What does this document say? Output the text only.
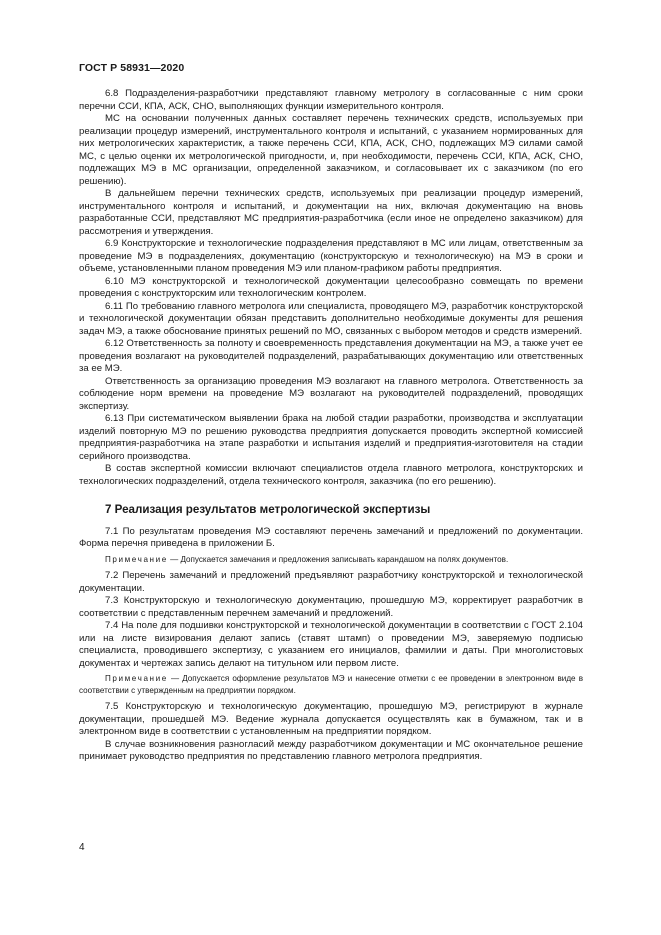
ГОСТ Р 58931—2020

6.8 Подразделения-разработчики представляют главному метрологу в согласованные с ним сроки перечни ССИ, КПА, АСК, СНО, выполняющих функции измерительного контроля.

МС на основании полученных данных составляет перечень технических средств, используемых при реализации процедур измерений, инструментального контроля и испытаний, с указанием нормированных для них метрологических характеристик, а также перечень ССИ, КПА, АСК, СНО, подлежащих МЭ силами самой МС, с целью оценки их метрологической пригодности, и, при необходимости, перечень ССИ, КПА, АСК, СНО, подлежащих МЭ в МС организации, определенной заказчиком, и согласовывает их с заказчиком (по его решению).

В дальнейшем перечни технических средств, используемых при реализации процедур измерений, инструментального контроля и испытаний, и документации на них, включая документацию на вновь разработанные ССИ, представляют МС предприятия-разработчика (если иное не определено заказчиком) для рассмотрения и утверждения.

6.9 Конструкторские и технологические подразделения представляют в МС или лицам, ответственным за проведение МЭ в подразделениях, документацию (конструкторскую и технологическую) на МЭ в сроки и объеме, установленными планом проведения МЭ или планом-графиком работы предприятия.

6.10 МЭ конструкторской и технологической документации целесообразно совмещать по времени проведения с конструкторским или технологическим контролем.

6.11 По требованию главного метролога или специалиста, проводящего МЭ, разработчик конструкторской и технологической документации обязан представить дополнительно необходимые документы для решения задач МЭ, а также обоснование принятых решений по МО, связанных с выбором методов и средств измерений.

6.12 Ответственность за полноту и своевременность представления документации на МЭ, а также учет ее проведения возлагают на руководителей подразделений, разрабатывающих документацию или ответственных за ее МЭ.

Ответственность за организацию проведения МЭ возлагают на главного метролога. Ответственность за соблюдение норм времени на проведение МЭ возлагают на руководителей подразделений, проводящих экспертизу.

6.13 При систематическом выявлении брака на любой стадии разработки, производства и эксплуатации изделий повторную МЭ по решению руководства предприятия допускается проводить экспертной комиссией предприятия-разработчика на этапе разработки и испытания изделий и предприятия-изготовителя на стадии серийного производства.

В состав экспертной комиссии включают специалистов отдела главного метролога, конструкторских и технологических подразделений, отдела технического контроля, заказчика (по его решению).

7 Реализация результатов метрологической экспертизы

7.1 По результатам проведения МЭ составляют перечень замечаний и предложений по документации. Форма перечня приведена в приложении Б.

Примечание — Допускается замечания и предложения записывать карандашом на полях документов.

7.2 Перечень замечаний и предложений предъявляют разработчику конструкторской и технологической документации.

7.3 Конструкторскую и технологическую документацию, прошедшую МЭ, корректирует разработчик в соответствии с представленным перечнем замечаний и предложений.

7.4 На поле для подшивки конструкторской и технологической документации в соответствии с ГОСТ 2.104 или на листе визирования делают запись (ставят штамп) о проведении МЭ, заверяемую подписью специалиста, проводившего экспертизу, с указанием его инициалов, фамилии и даты. При многолистовых документах и чертежах запись делают на титульном или первом листе.

Примечание — Допускается оформление результатов МЭ и нанесение отметки с ее проведении в электронном виде в соответствии с утвержденным на предприятии порядком.

7.5 Конструкторскую и технологическую документацию, прошедшую МЭ, регистрируют в журнале документации, прошедшей МЭ. Ведение журнала допускается осуществлять как в бумажном, так и в электронном виде в соответствии с установленным на предприятии порядком.

В случае возникновения разногласий между разработчиком документации и МС окончательное решение принимает руководство предприятия по представлению главного метролога предприятия.

4
